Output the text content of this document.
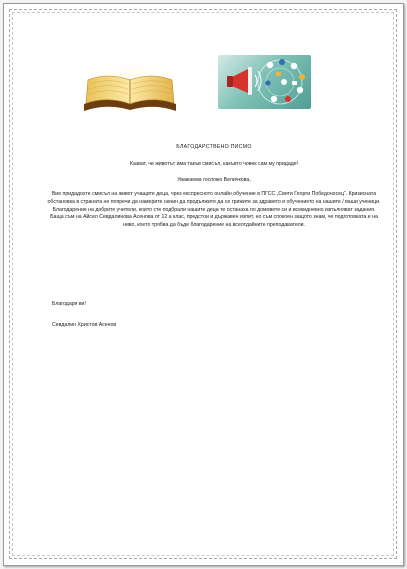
БЛАГОДАРСТВЕНО ПИСМО

Казват, че животът има такъв смисъл, какъвто човек сам му придаде!

Уважаема госпожо Величкова,

Вие придадохте смисъл на живот учащите деца, чрез експресното онлайн обучение в ПГСС „Свети Георги Победоносец“. Кризисната обстановка в страната не попречи да намерите начин да продължите да се грижите за здравето и обучението на нашите / ваши ученици. Благодарение на добрите учители, които сте подбрали нашите деца те останаха по домовете си и всекидневно изпълняват задания. Баща съм на Айсел Севдалинова Асенова от 12 а клас, предстои и държавен изпит, но съм спокоен защото знам, че подготовката е на ниво, което трябва да бъде благодарение на всеотдайните преподаватели.

Благодаря ви!
Севдалин Христов Асенов
